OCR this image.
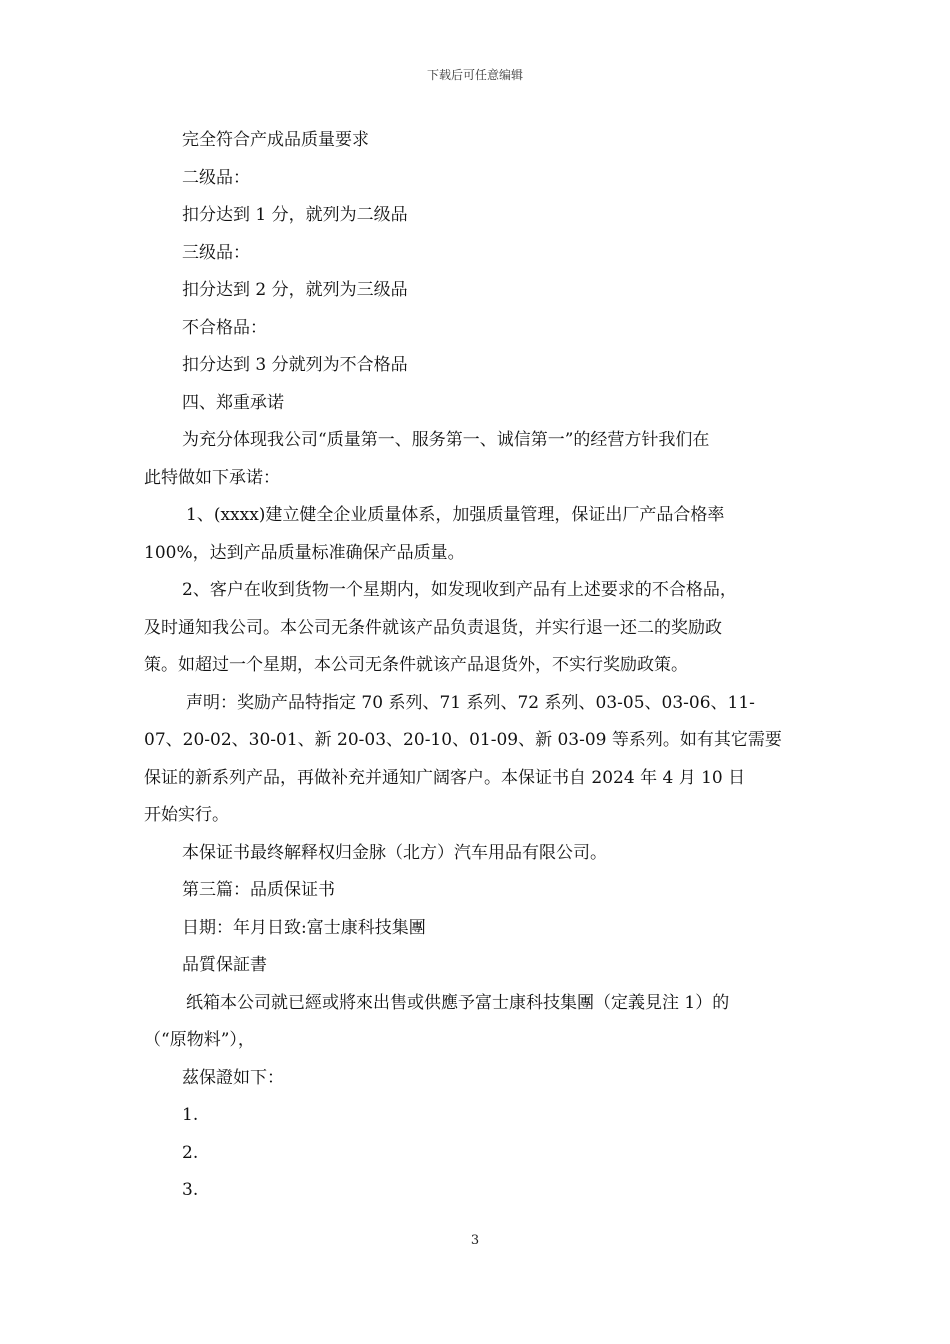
下载后可任意编辑
完全符合产成品质量要求
二级品：
扣分达到 1 分，就列为二级品
三级品：
扣分达到 2 分，就列为三级品
不合格品：
扣分达到 3 分就列为不合格品
四、郑重承诺
为充分体现我公司“质量第一、服务第一、诚信第一”的经营方针我们在
此特做如下承诺：
1、(xxxx)建立健全企业质量体系，加强质量管理，保证出厂产品合格率
100%，达到产品质量标准确保产品质量。
2、客户在收到货物一个星期内，如发现收到产品有上述要求的不合格品，
及时通知我公司。本公司无条件就该产品负责退货，并实行退一还二的奖励政
策。如超过一个星期，本公司无条件就该产品退货外，不实行奖励政策。
声明：奖励产品特指定 70 系列、71 系列、72 系列、03-05、03-06、11-
07、20-02、30-01、新 20-03、20-10、01-09、新 03-09 等系列。如有其它需要
保证的新系列产品，再做补充并通知广阔客户。本保证书自 2024 年 4 月 10 日
开始实行。
本保证书最终解释权归金脉（北方）汽车用品有限公司。
第三篇：品质保证书
日期：年月日致:富士康科技集團
品質保証書
纸箱本公司就已經或將來出售或供應予富士康科技集團（定義見注 1）的
（“原物料”），
茲保證如下：
1.
2.
3.
3
